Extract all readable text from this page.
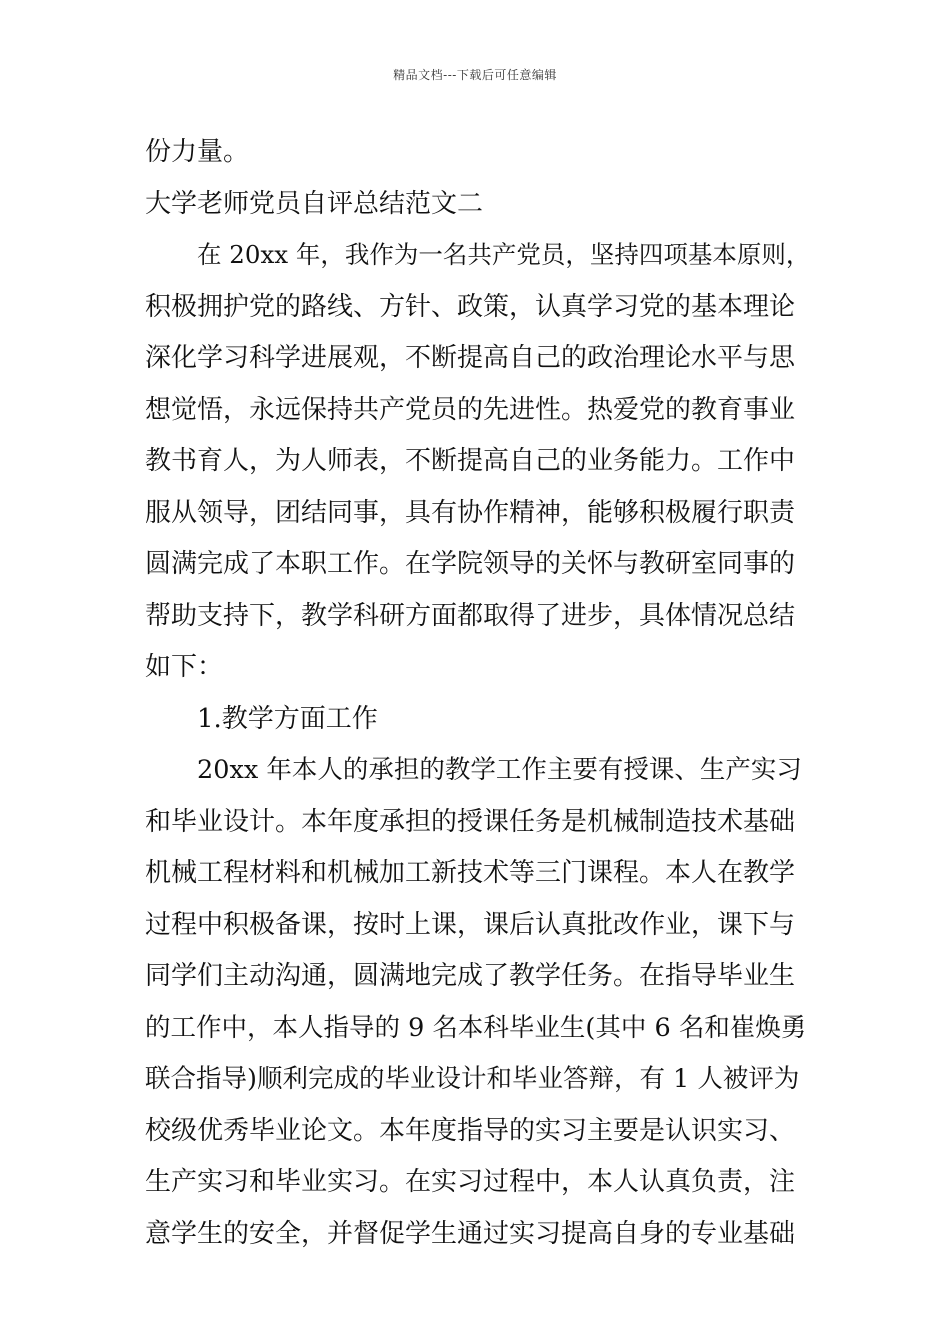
精品文档---下载后可任意编辑
份力量。
大学老师党员自评总结范文二
在 20xx 年，我作为一名共产党员，坚持四项基本原则，
积极拥护党的路线、方针、政策，认真学习党的基本理论
深化学习科学进展观，不断提高自己的政治理论水平与思
想觉悟，永远保持共产党员的先进性。热爱党的教育事业
教书育人，为人师表，不断提高自己的业务能力。工作中
服从领导，团结同事，具有协作精神，能够积极履行职责
圆满完成了本职工作。在学院领导的关怀与教研室同事的
帮助支持下，教学科研方面都取得了进步，具体情况总结
如下：
1.教学方面工作
20xx 年本人的承担的教学工作主要有授课、生产实习
和毕业设计。本年度承担的授课任务是机械制造技术基础
机械工程材料和机械加工新技术等三门课程。本人在教学
过程中积极备课，按时上课，课后认真批改作业，课下与
同学们主动沟通，圆满地完成了教学任务。在指导毕业生
的工作中，本人指导的 9 名本科毕业生(其中 6 名和崔焕勇
联合指导)顺利完成的毕业设计和毕业答辩，有 1 人被评为
校级优秀毕业论文。本年度指导的实习主要是认识实习、
生产实习和毕业实习。在实习过程中，本人认真负责，注
意学生的安全，并督促学生通过实习提高自身的专业基础
